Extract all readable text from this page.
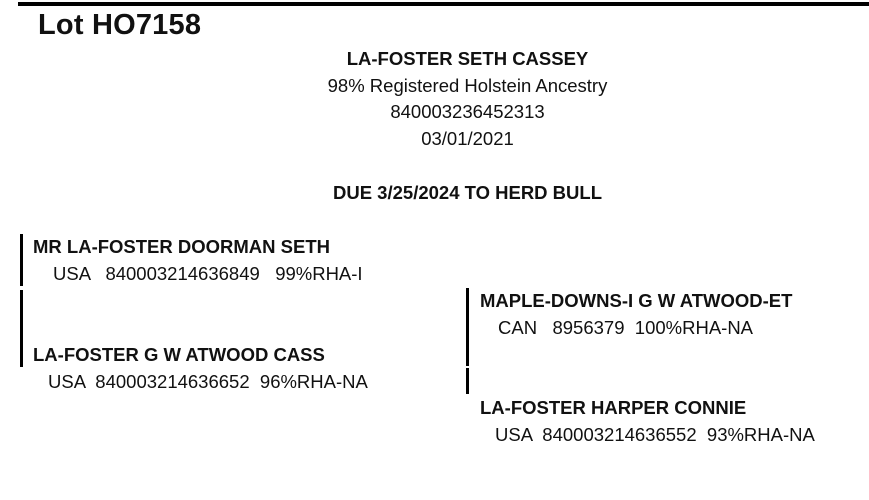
Lot HO7158
LA-FOSTER SETH CASSEY
98% Registered Holstein Ancestry
840003236452313
03/01/2021
DUE 3/25/2024 TO HERD BULL
MR LA-FOSTER DOORMAN SETH
USA   840003214636849   99%RHA-I
LA-FOSTER G W ATWOOD CASS
USA  840003214636652  96%RHA-NA
MAPLE-DOWNS-I G W ATWOOD-ET
CAN   8956379  100%RHA-NA
LA-FOSTER HARPER CONNIE
USA  840003214636552  93%RHA-NA
